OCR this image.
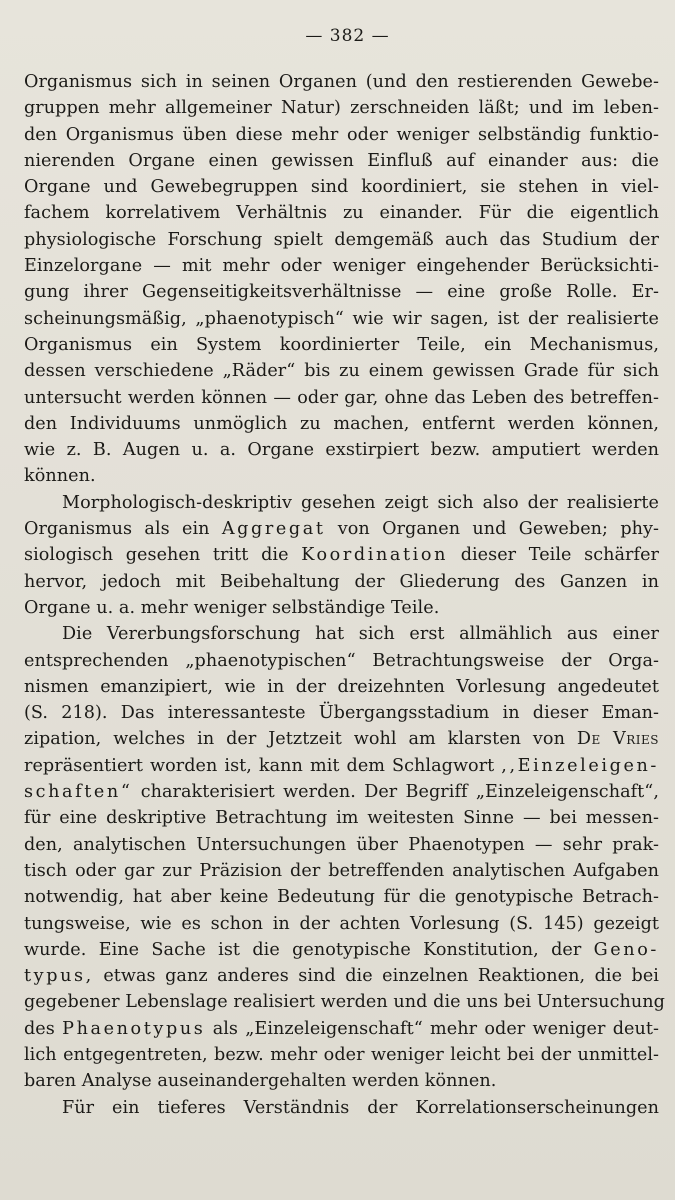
— 382 —

Organismus sich in seinen Organen (und den restierenden Gewebe-

gruppen mehr allgemeiner Natur) zerschneiden läßt; und im leben-

den Organismus üben diese mehr oder weniger selbständig funktio-

nierenden Organe einen gewissen Einfluß auf einander aus: die

Organe und Gewebegruppen sind koordiniert, sie stehen in viel-

fachem korrelativem Verhältnis zu einander. Für die eigentlich

physiologische Forschung spielt demgemäß auch das Studium der

Einzelorgane — mit mehr oder weniger eingehender Berücksichti-

gung ihrer Gegenseitigkeitsverhältnisse — eine große Rolle. Er-

scheinungsmäßig, „phaenotypisch“ wie wir sagen, ist der realisierte

Organismus ein System koordinierter Teile, ein Mechanismus,

dessen verschiedene „Räder“ bis zu einem gewissen Grade für sich

untersucht werden können — oder gar, ohne das Leben des betreffen-

den Individuums unmöglich zu machen, entfernt werden können,

wie z. B. Augen u. a. Organe exstirpiert bezw. amputiert werden

können.

Morphologisch-deskriptiv gesehen zeigt sich also der realisierte

Organismus als ein Aggregat von Organen und Geweben; phy-

siologisch gesehen tritt die Koordination dieser Teile schärfer

hervor, jedoch mit Beibehaltung der Gliederung des Ganzen in

Organe u. a. mehr weniger selbständige Teile.

Die Vererbungsforschung hat sich erst allmählich aus einer

entsprechenden „phaenotypischen“ Betrachtungsweise der Orga-

nismen emanzipiert, wie in der dreizehnten Vorlesung angedeutet

(S. 218). Das interessanteste Übergangsstadium in dieser Eman-

zipation, welches in der Jetztzeit wohl am klarsten von De Vries

repräsentiert worden ist, kann mit dem Schlagwort ,,Einzeleigen-

schaften“ charakterisiert werden. Der Begriff „Einzeleigenschaft“,

für eine deskriptive Betrachtung im weitesten Sinne — bei messen-

den, analytischen Untersuchungen über Phaenotypen — sehr prak-

tisch oder gar zur Präzision der betreffenden analytischen Aufgaben

notwendig, hat aber keine Bedeutung für die genotypische Betrach-

tungsweise, wie es schon in der achten Vorlesung (S. 145) gezeigt

wurde. Eine Sache ist die genotypische Konstitution, der Geno-

typus, etwas ganz anderes sind die einzelnen Reaktionen, die bei

gegebener Lebenslage realisiert werden und die uns bei Untersuchung

des Phaenotypus als „Einzeleigenschaft“ mehr oder weniger deut-

lich entgegentreten, bezw. mehr oder weniger leicht bei der unmittel-

baren Analyse auseinandergehalten werden können.

Für ein tieferes Verständnis der Korrelationserscheinungen
